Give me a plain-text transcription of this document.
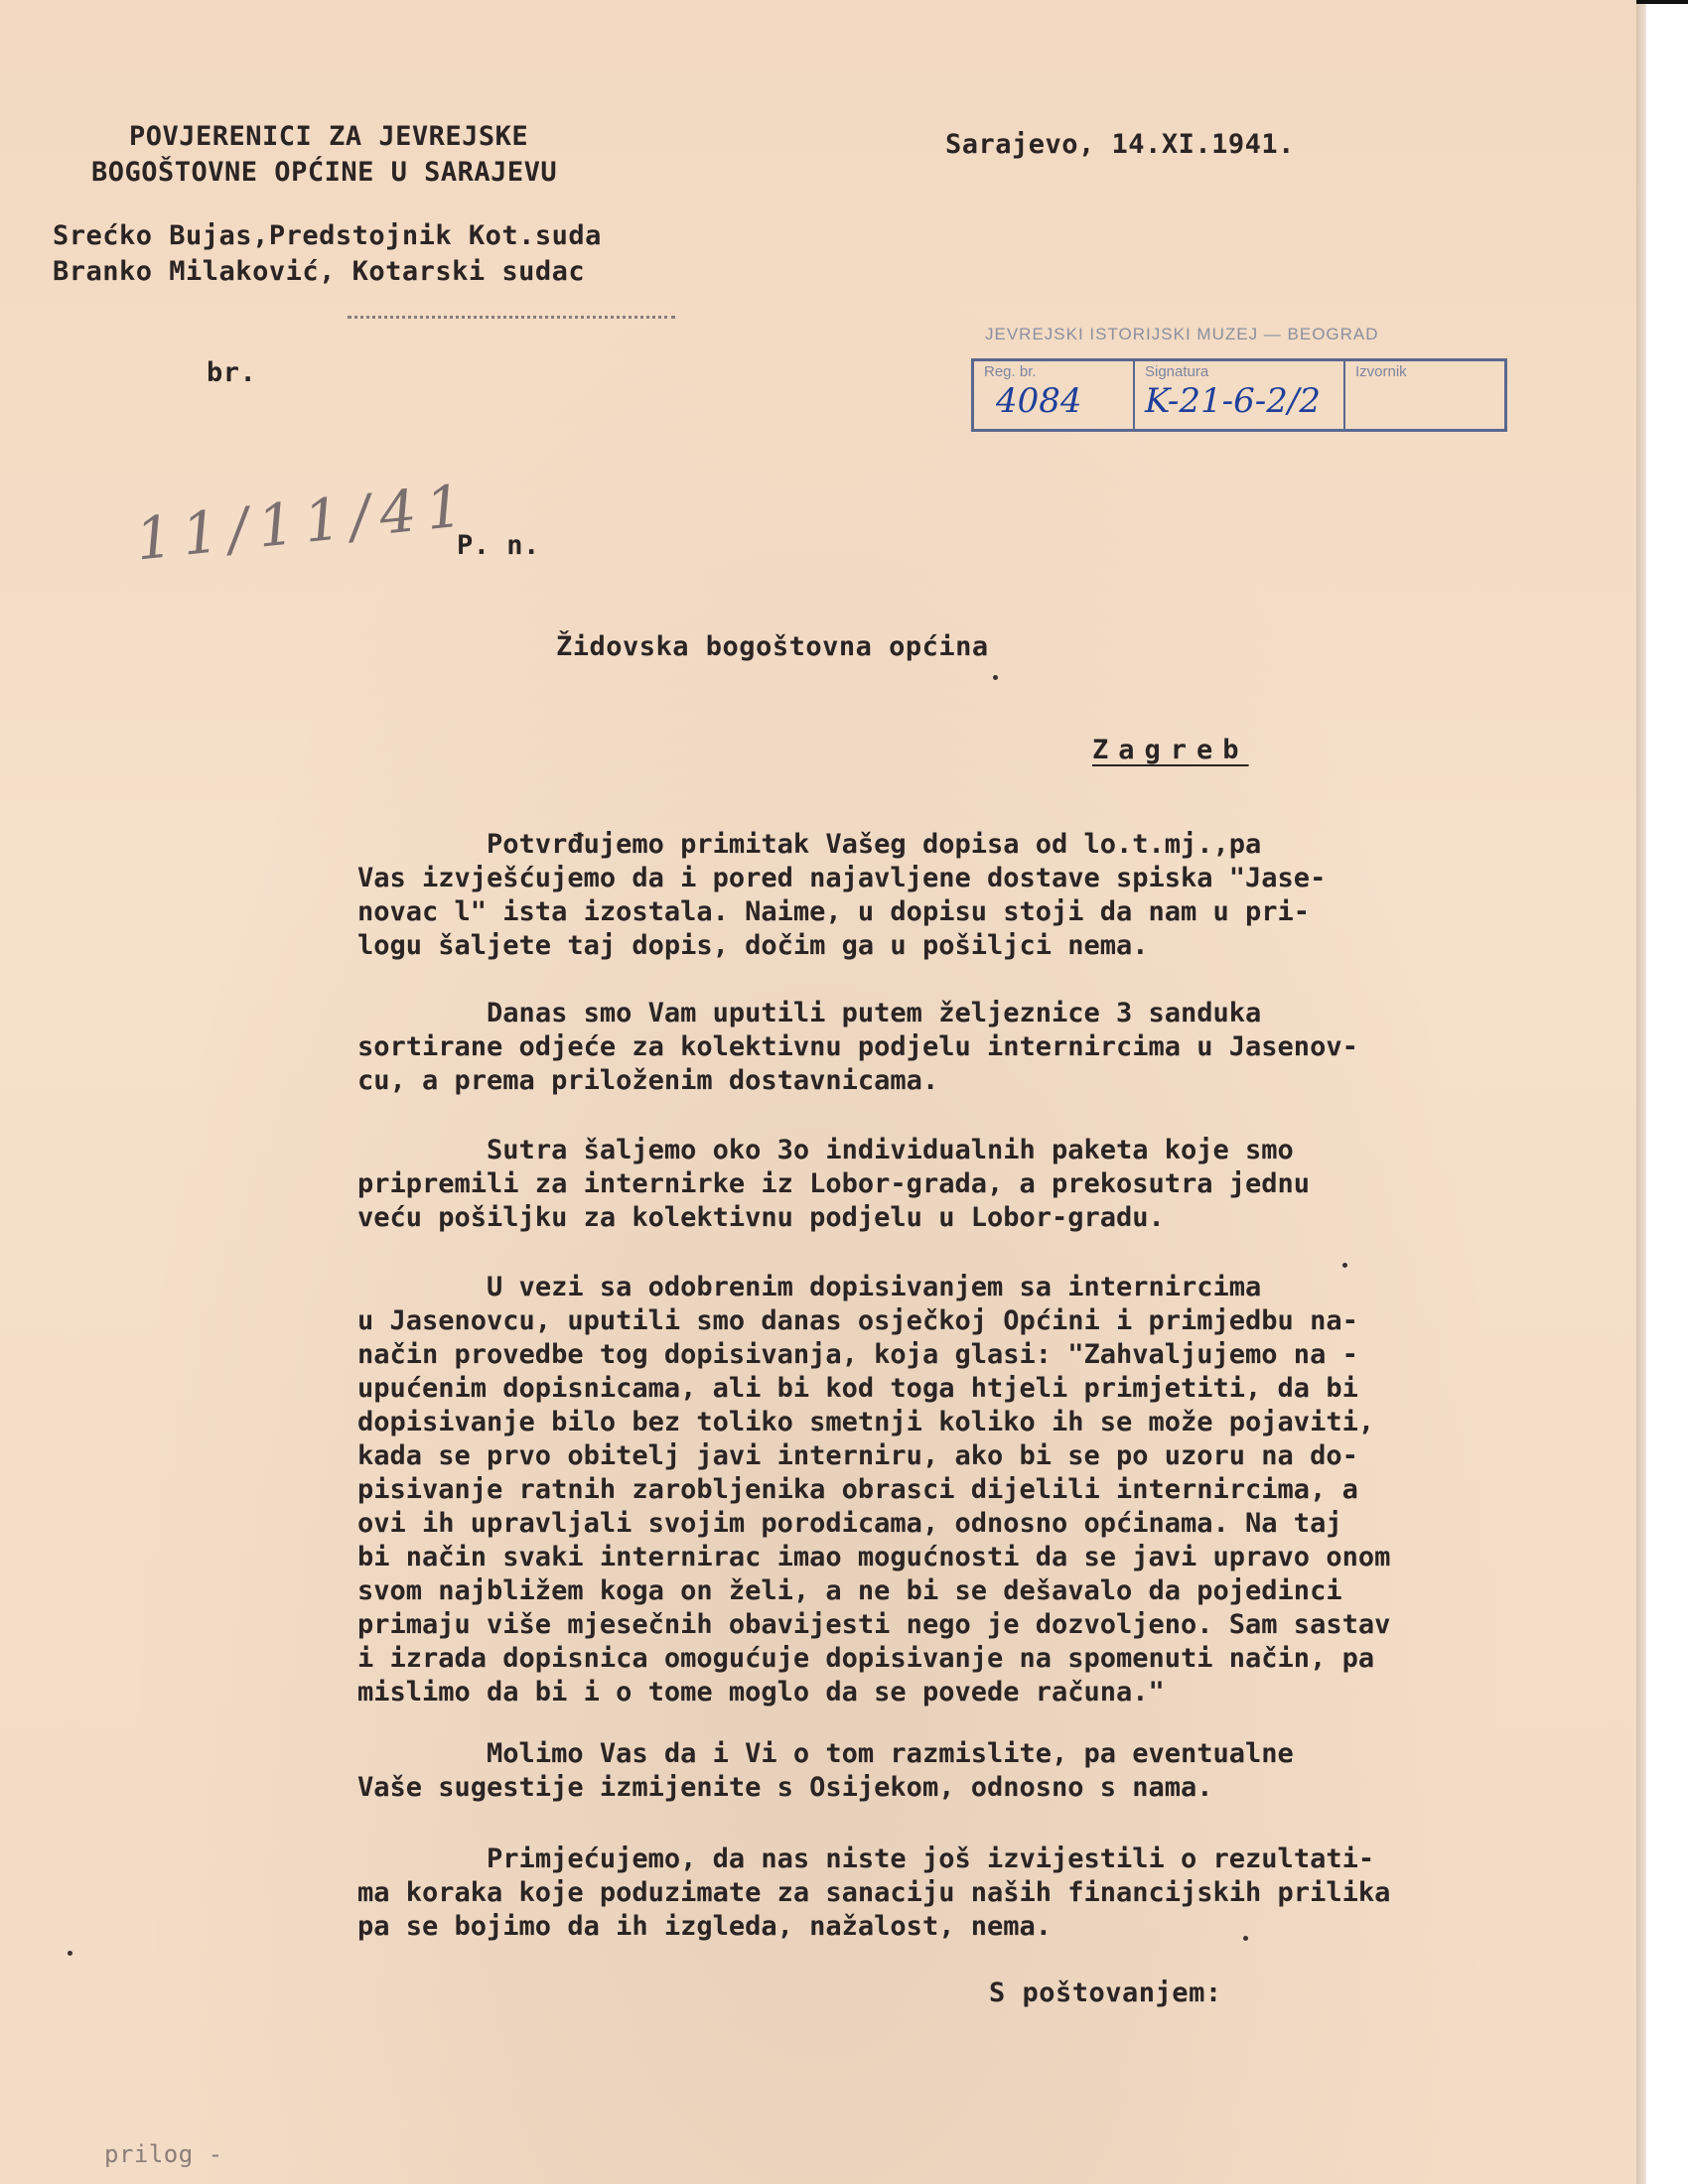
POVJERENICI ZA JEVREJSKE
BOGOŠTOVNE OPĆINE U SARAJEVU
Srećko Bujas,Predstojnik Kot.suda
Branko Milaković, Kotarski sudac
br.
Sarajevo, 14.XI.1941.
JEVREJSKI ISTORIJSKI MUZEJ — BEOGRAD
Reg. br.
4084
Signatura
K-21-6-2/2
Izvornik
11/11/41
P. n.
Židovska bogoštovna općina
Zagreb

Potvrđujemo primitak Vašeg dopisa od lo.t.mj.,pa
Vas izvješćujemo da i pored najavljene dostave spiska "Jase-
novac l" ista izostala. Naime, u dopisu stoji da nam u pri-
logu šaljete taj dopis, dočim ga u pošiljci nema.

Danas smo Vam uputili putem željeznice 3 sanduka
sortirane odjeće za kolektivnu podjelu internircima u Jasenov-
cu, a prema priloženim dostavnicama.

Sutra šaljemo oko 3o individualnih paketa koje smo
pripremili za internirke iz Lobor-grada, a prekosutra jednu
veću pošiljku za kolektivnu podjelu u Lobor-gradu.

U vezi sa odobrenim dopisivanjem sa internircima
u Jasenovcu, uputili smo danas osječkoj Općini i primjedbu na-
način provedbe tog dopisivanja, koja glasi: "Zahvaljujemo na -
upućenim dopisnicama, ali bi kod toga htjeli primjetiti, da bi
dopisivanje bilo bez toliko smetnji koliko ih se može pojaviti,
kada se prvo obitelj javi interniru, ako bi se po uzoru na do-
pisivanje ratnih zarobljenika obrasci dijelili internircima, a
ovi ih upravljali svojim porodicama, odnosno općinama. Na taj
bi način svaki internirac imao mogućnosti da se javi upravo onom
svom najbližem koga on želi, a ne bi se dešavalo da pojedinci
primaju više mjesečnih obavijesti nego je dozvoljeno. Sam sastav
i izrada dopisnica omogućuje dopisivanje na spomenuti način, pa
mislimo da bi i o tome moglo da se povede računa."

Molimo Vas da i Vi o tom razmislite, pa eventualne
Vaše sugestije izmijenite s Osijekom, odnosno s nama.

Primjećujemo, da nas niste još izvijestili o rezultati-
ma koraka koje poduzimate za sanaciju naših financijskih prilika
pa se bojimo da ih izgleda, nažalost, nema.

S poštovanjem:
prilog -
